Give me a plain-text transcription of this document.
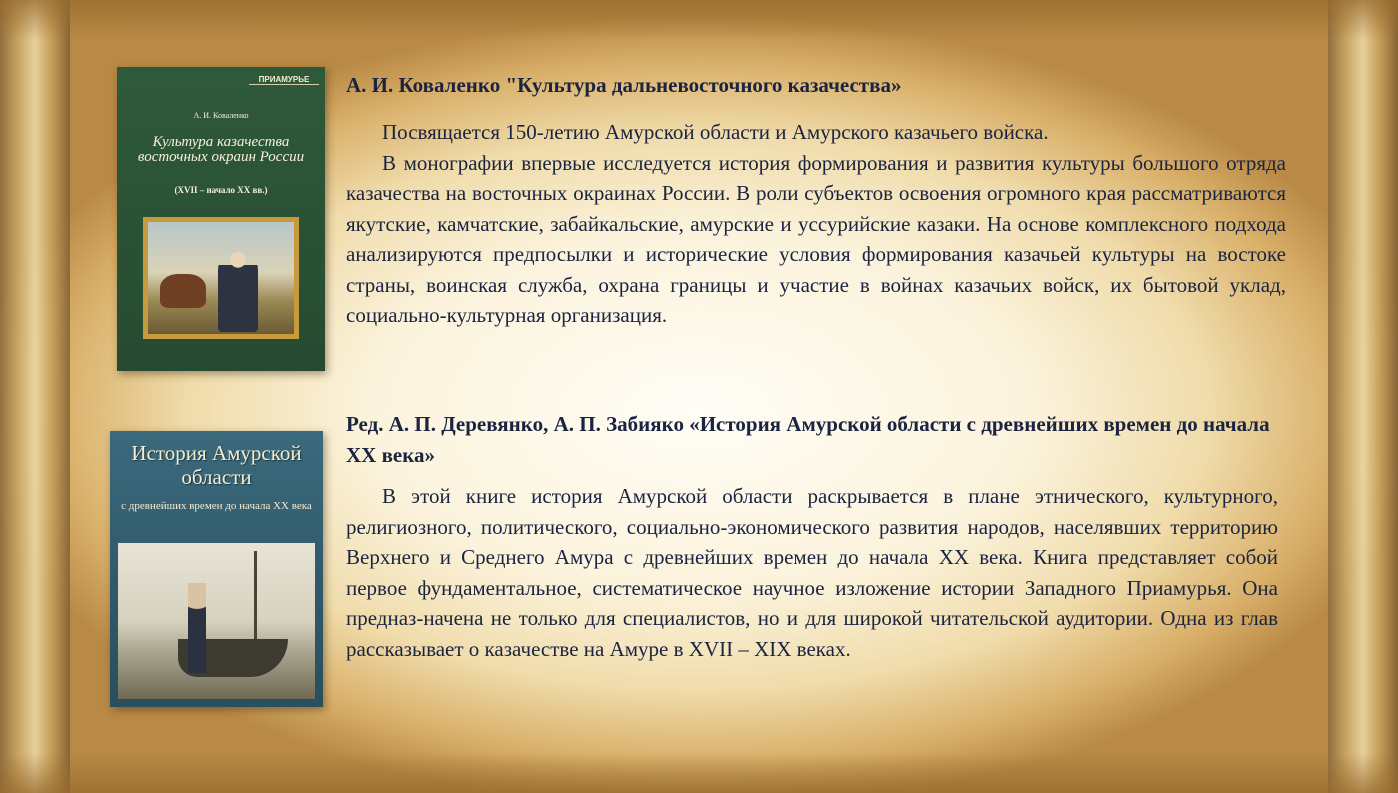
ПРИАМУРЬЕ
А. И. Коваленко
Культура казачества восточных окраин России
(XVII – начало XX вв.)
История Амурской области
с древнейших времен до начала XX века

А. И. Коваленко "Культура дальневосточного казачества»

Посвящается 150-летию Амурской области и Амурского казачьего войска.

В монографии впервые исследуется история формирования и развития культуры большого отряда казачества на восточных окраинах России. В роли субъектов освоения огромного края рассматриваются якутские, камчатские, забайкальские, амурские и уссурийские казаки. На основе комплексного подхода анализируются предпосылки и исторические условия формирования казачьей культуры на востоке страны, воинская служба, охрана границы и участие в войнах казачьих войск, их бытовой уклад, социально-культурная организация.

Ред. А. П. Деревянко, А. П. Забияко «История Амурской области с древнейших времен до начала XX века»

В этой книге история Амурской области раскрывается в плане этнического, культурного, религиозного, политического, социально-экономического развития народов, населявших территорию Верхнего и Среднего Амура с древнейших времен до начала XX века. Книга представляет собой первое фундаментальное, систематическое научное изложение истории Западного Приамурья. Она предназ-начена не только для специалистов, но и для широкой читательской аудитории. Одна из глав рассказывает о казачестве на Амуре в XVII – XIX веках.
